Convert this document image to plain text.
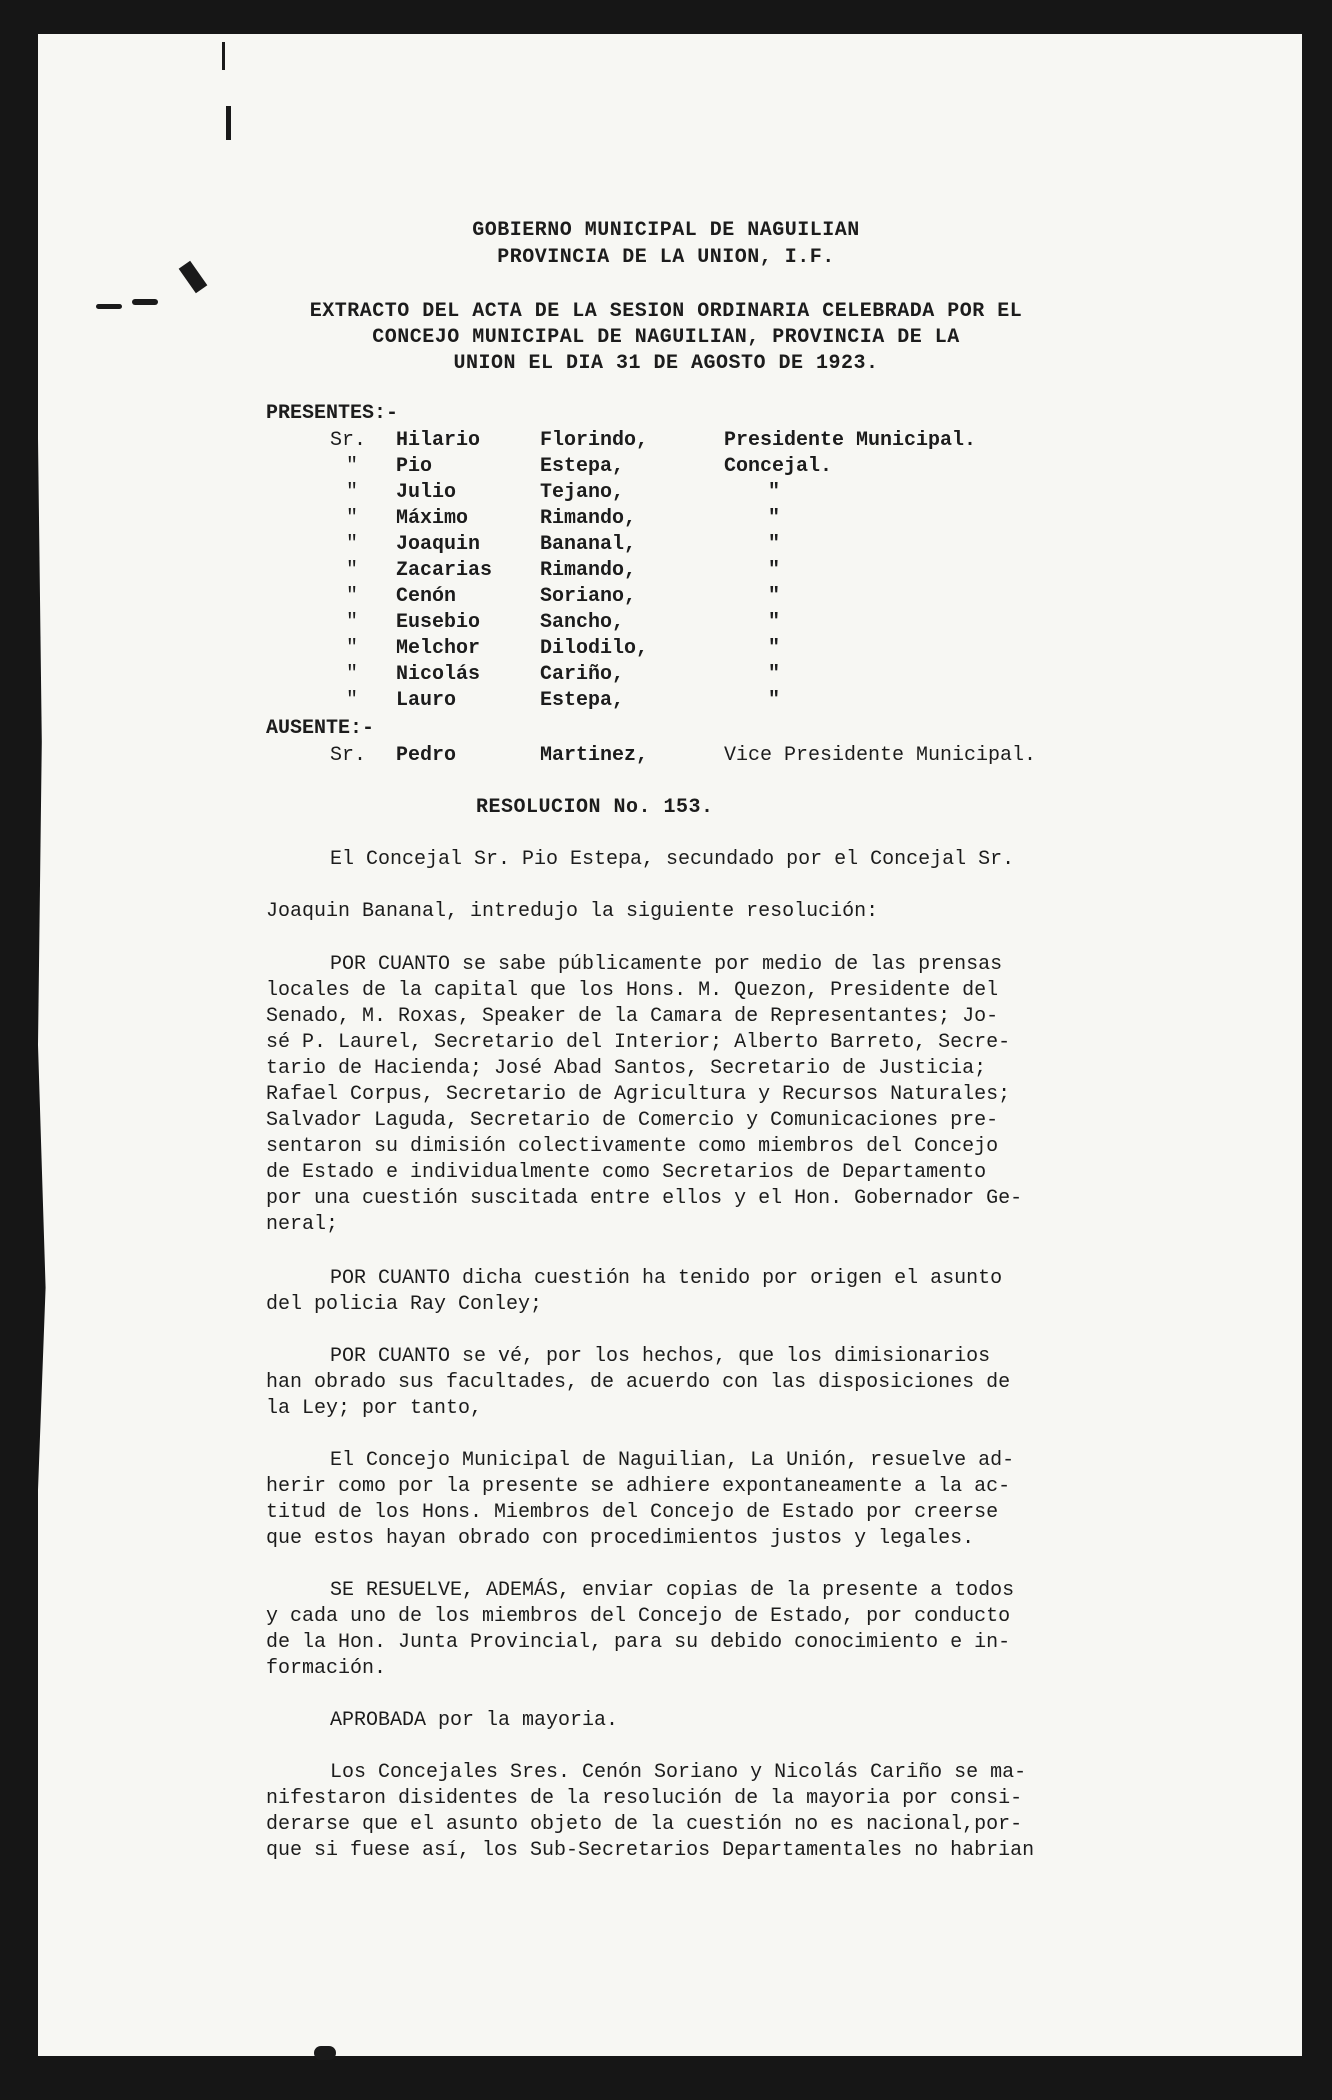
GOBIERNO MUNICIPAL DE NAGUILIAN
PROVINCIA DE LA UNION, I.F.
EXTRACTO DEL ACTA DE LA SESION ORDINARIA CELEBRADA POR EL
CONCEJO MUNICIPAL DE NAGUILIAN, PROVINCIA DE LA
UNION EL DIA 31 DE AGOSTO DE 1923.
PRESENTES:-
Sr. Hilario	Florindo,	Presidente Municipal.
" Pio	Estepa,	Concejal.
" Julio	Tejano,	"
" Máximo	Rimando,	"
" Joaquin	Bananal,	"
" Zacarias Rimando,	"
" Cenón	Soriano,	"
" Eusebio	Sancho,	"
" Melchor	Dilodilo,	"
" Nicolás	Cariño,	"
" Lauro	Estepa,	"
AUSENTE:-
Sr. Pedro	Martinez,	Vice Presidente Municipal.
RESOLUCION No. 153.
El Concejal Sr. Pio Estepa, secundado por el Concejal Sr.
Joaquin Bananal, intredujo la siguiente resolución:
POR CUANTO se sabe públicamente por medio de las prensas
locales de la capital que los Hons. M. Quezon, Presidente del
Senado, M. Roxas, Speaker de la Camara de Representantes; Jo-
sé P. Laurel, Secretario del Interior; Alberto Barreto, Secre-
tario de Hacienda; José Abad Santos, Secretario de Justicia;
Rafael Corpus, Secretario de Agricultura y Recursos Naturales;
Salvador Laguda, Secretario de Comercio y Comunicaciones pre-
sentaron su dimisión colectivamente como miembros del Concejo
de Estado e individualmente como Secretarios de Departamento
por una cuestión suscitada entre ellos y el Hon. Gobernador Ge-
neral;
POR CUANTO dicha cuestión ha tenido por origen el asunto
del policia Ray Conley;
POR CUANTO se vé, por los hechos, que los dimisionarios
han obrado sus facultades, de acuerdo con las disposiciones de
la Ley; por tanto,
El Concejo Municipal de Naguilian, La Unión, resuelve ad-
herir como por la presente se adhiere expontaneamente a la ac-
titud de los Hons. Miembros del Concejo de Estado por creerse
que estos hayan obrado con procedimientos justos y legales.
SE RESUELVE, ADEMÁS, enviar copias de la presente a todos
y cada uno de los miembros del Concejo de Estado, por conducto
de la Hon. Junta Provincial, para su debido conocimiento e in-
formación.
APROBADA por la mayoria.
Los Concejales Sres. Cenón Soriano y Nicolás Cariño se ma-
nifestaron disidentes de la resolución de la mayoria por consi-
derarse que el asunto objeto de la cuestión no es nacional,por-
que si fuese así, los Sub-Secretarios Departamentales no habrian
